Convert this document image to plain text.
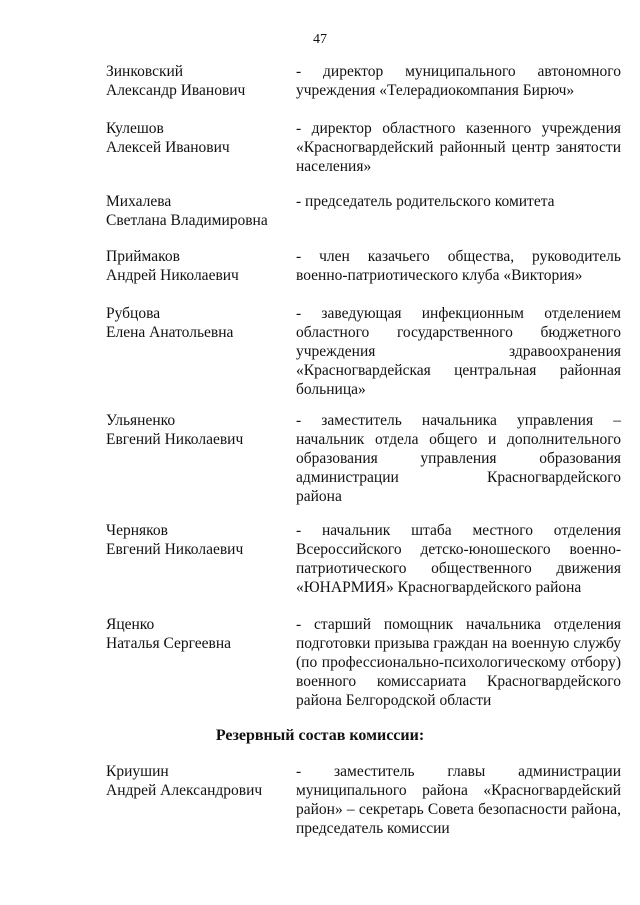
47
Зинковский
Александр Иванович
- директор муниципального автономного
учреждения «Телерадиокомпания Бирюч»
Кулешов
Алексей Иванович
- директор областного казенного учреждения
«Красногвардейский районный центр занятости
населения»
Михалева
Светлана Владимировна
- председатель родительского комитета
Приймаков
Андрей Николаевич
- член казачьего общества, руководитель
военно-патриотического клуба «Виктория»
Рубцова
Елена Анатольевна
- заведующая инфекционным отделением
областного государственного бюджетного
учреждения здравоохранения
«Красногвардейская центральная районная
больница»
Ульяненко
Евгений Николаевич
- заместитель начальника управления –
начальник отдела общего и дополнительного
образования управления образования
администрации Красногвардейского
района
Черняков
Евгений Николаевич
- начальник штаба местного отделения
Всероссийского детско-юношеского военно-
патриотического общественного движения
«ЮНАРМИЯ» Красногвардейского района
Яценко
Наталья Сергеевна
- старший помощник начальника отделения
подготовки призыва граждан на военную службу
(по профессионально-психологическому отбору)
военного комиссариата Красногвардейского
района Белгородской области
Резервный состав комиссии:
Криушин
Андрей Александрович
- заместитель главы администрации
муниципального района «Красногвардейский
район» – секретарь Совета безопасности района,
председатель комиссии
